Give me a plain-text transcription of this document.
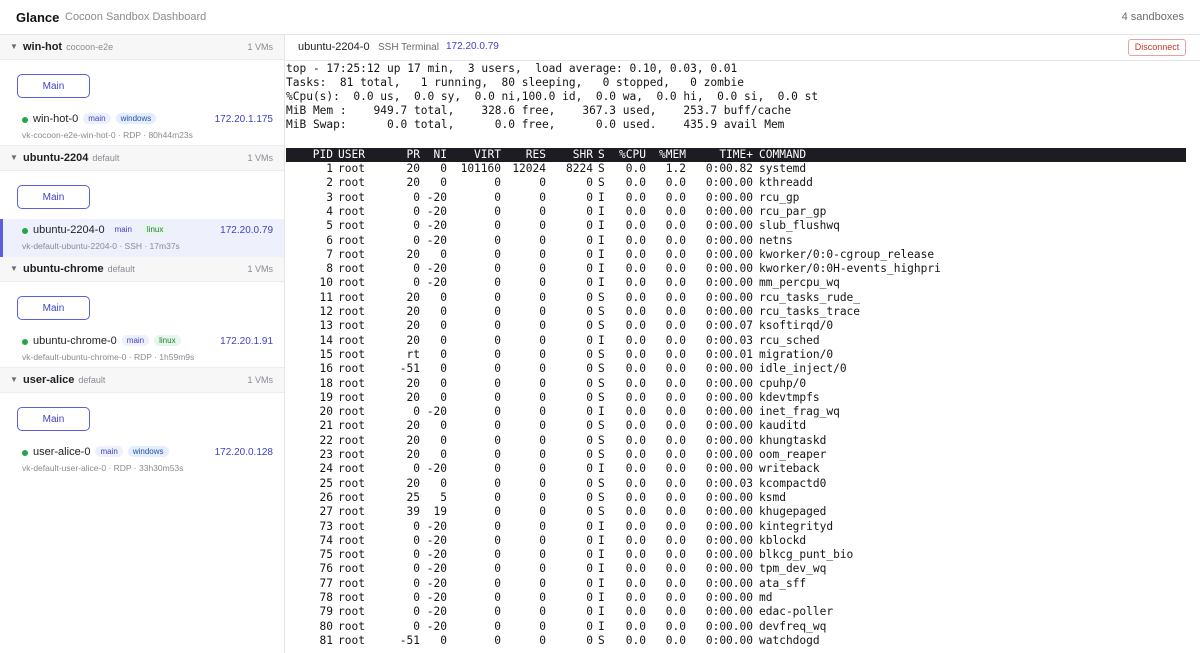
Glance Cocoon Sandbox Dashboard	4 sandboxes
▼ win-hot cocoon-e2e	1 VMs
Main
win-hot-0 main windows	172.20.1.175
vk-cocoon-e2e-win-hot-0 · RDP · 80h44m23s
▼ ubuntu-2204 default	1 VMs
Main
ubuntu-2204-0 main linux	172.20.0.79
vk-default-ubuntu-2204-0 · SSH · 17m37s
▼ ubuntu-chrome default	1 VMs
Main
ubuntu-chrome-0 main linux	172.20.1.91
vk-default-ubuntu-chrome-0 · RDP · 1h59m9s
▼ user-alice default	1 VMs
Main
user-alice-0 main windows	172.20.0.128
vk-default-user-alice-0 · RDP · 33h30m53s
ubuntu-2204-0 SSH Terminal 172.20.0.79	Disconnect
top - 17:25:12 up 17 min,  3 users,  load average: 0.10, 0.03, 0.01
Tasks:  81 total,   1 running,  80 sleeping,   0 stopped,   0 zombie
%Cpu(s):  0.0 us,  0.0 sy,  0.0 ni,100.0 id,  0.0 wa,  0.0 hi,  0.0 si,  0.0 st
MiB Mem :    949.7 total,    328.6 free,    367.3 used,    253.7 buff/cache
MiB Swap:      0.0 total,      0.0 free,      0.0 used.    435.9 avail Mem
PID USER	PR	NI	VIRT	RES	SHR S	%CPU	%MEM	TIME+ COMMAND
1 root	20	0	101160	12024	8224 S	0.0	1.2	0:00.82 systemd
2 root	20	0	0	0	0 S	0.0	0.0	0:00.00 kthreadd
3 root	0 -20	0	0	0 I	0.0	0.0	0:00.00 rcu_gp
4 root	0 -20	0	0	0 I	0.0	0.0	0:00.00 rcu_par_gp
5 root	0 -20	0	0	0 I	0.0	0.0	0:00.00 slub_flushwq
6 root	0 -20	0	0	0 I	0.0	0.0	0:00.00 netns
7 root	20	0	0	0	0 I	0.0	0.0	0:00.00 kworker/0:0-cgroup_release
8 root	0 -20	0	0	0 I	0.0	0.0	0:00.00 kworker/0:0H-events_highpri
10 root	0 -20	0	0	0 I	0.0	0.0	0:00.00 mm_percpu_wq
11 root	20	0	0	0	0 S	0.0	0.0	0:00.00 rcu_tasks_rude_
12 root	20	0	0	0	0 S	0.0	0.0	0:00.00 rcu_tasks_trace
13 root	20	0	0	0	0 S	0.0	0.0	0:00.07 ksoftirqd/0
14 root	20	0	0	0	0 I	0.0	0.0	0:00.03 rcu_sched
15 root	rt	0	0	0	0 S	0.0	0.0	0:00.01 migration/0
16 root	-51	0	0	0	0 S	0.0	0.0	0:00.00 idle_inject/0
18 root	20	0	0	0	0 S	0.0	0.0	0:00.00 cpuhp/0
19 root	20	0	0	0	0 S	0.0	0.0	0:00.00 kdevtmpfs
20 root	0 -20	0	0	0 I	0.0	0.0	0:00.00 inet_frag_wq
21 root	20	0	0	0	0 S	0.0	0.0	0:00.00 kauditd
22 root	20	0	0	0	0 S	0.0	0.0	0:00.00 khungtaskd
23 root	20	0	0	0	0 S	0.0	0.0	0:00.00 oom_reaper
24 root	0 -20	0	0	0 I	0.0	0.0	0:00.00 writeback
25 root	20	0	0	0	0 S	0.0	0.0	0:00.03 kcompactd0
26 root	25	5	0	0	0 S	0.0	0.0	0:00.00 ksmd
27 root	39	19	0	0	0 S	0.0	0.0	0:00.00 khugepaged
73 root	0 -20	0	0	0 I	0.0	0.0	0:00.00 kintegrityd
74 root	0 -20	0	0	0 I	0.0	0.0	0:00.00 kblockd
75 root	0 -20	0	0	0 I	0.0	0.0	0:00.00 blkcg_punt_bio
76 root	0 -20	0	0	0 I	0.0	0.0	0:00.00 tpm_dev_wq
77 root	0 -20	0	0	0 I	0.0	0.0	0:00.00 ata_sff
78 root	0 -20	0	0	0 I	0.0	0.0	0:00.00 md
79 root	0 -20	0	0	0 I	0.0	0.0	0:00.00 edac-poller
80 root	0 -20	0	0	0 I	0.0	0.0	0:00.00 devfreq_wq
81 root	-51	0	0	0	0 S	0.0	0.0	0:00.00 watchdogd
